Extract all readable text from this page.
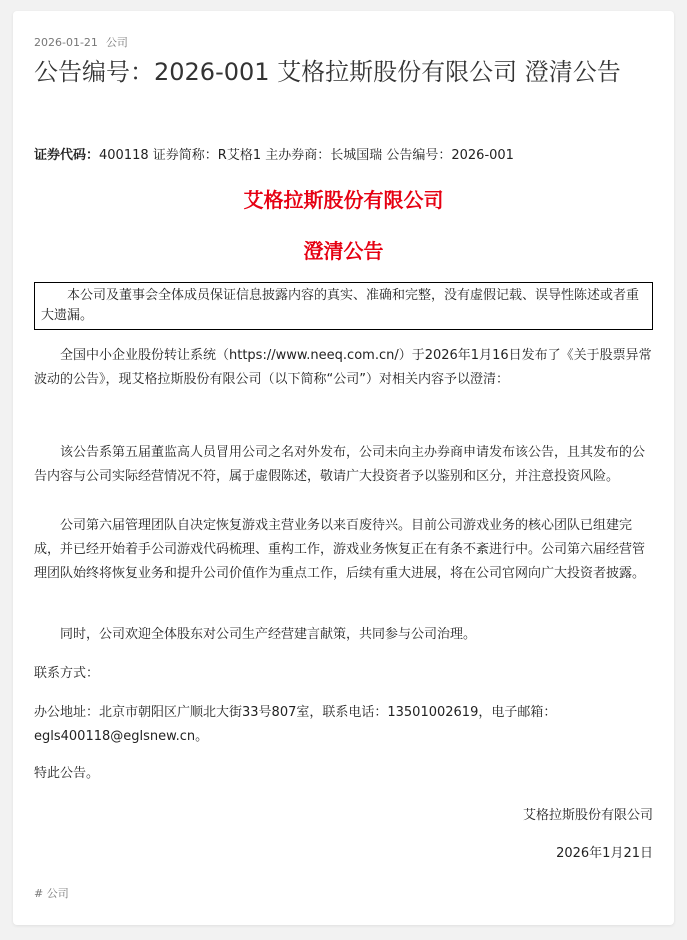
2026-01-21 公司
公告编号：2026-001 艾格拉斯股份有限公司 澄清公告
证券代码：400118 证券简称：R艾格1 主办券商：长城国瑞 公告编号：2026-001
艾格拉斯股份有限公司
澄清公告
本公司及董事会全体成员保证信息披露内容的真实、准确和完整，没有虚假记载、误导性陈述或者重大遗漏。

全国中小企业股份转让系统（https://www.neeq.com.cn/）于2026年1月16日发布了《关于股票异常波动的公告》，现艾格拉斯股份有限公司（以下简称“公司”）对相关内容予以澄清：

该公告系第五届董监高人员冒用公司之名对外发布，公司未向主办券商申请发布该公告，且其发布的公告内容与公司实际经营情况不符，属于虚假陈述，敬请广大投资者予以鉴别和区分，并注意投资风险。

公司第六届管理团队自决定恢复游戏主营业务以来百废待兴。目前公司游戏业务的核心团队已组建完成，并已经开始着手公司游戏代码梳理、重构工作，游戏业务恢复正在有条不紊进行中。公司第六届经营管理团队始终将恢复业务和提升公司价值作为重点工作，后续有重大进展，将在公司官网向广大投资者披露。

同时，公司欢迎全体股东对公司生产经营建言献策，共同参与公司治理。

联系方式：

办公地址：北京市朝阳区广顺北大街33号807室，联系电话：13501002619，电子邮箱：egls400118@eglsnew.cn。

特此公告。

艾格拉斯股份有限公司
2026年1月21日
# 公司
